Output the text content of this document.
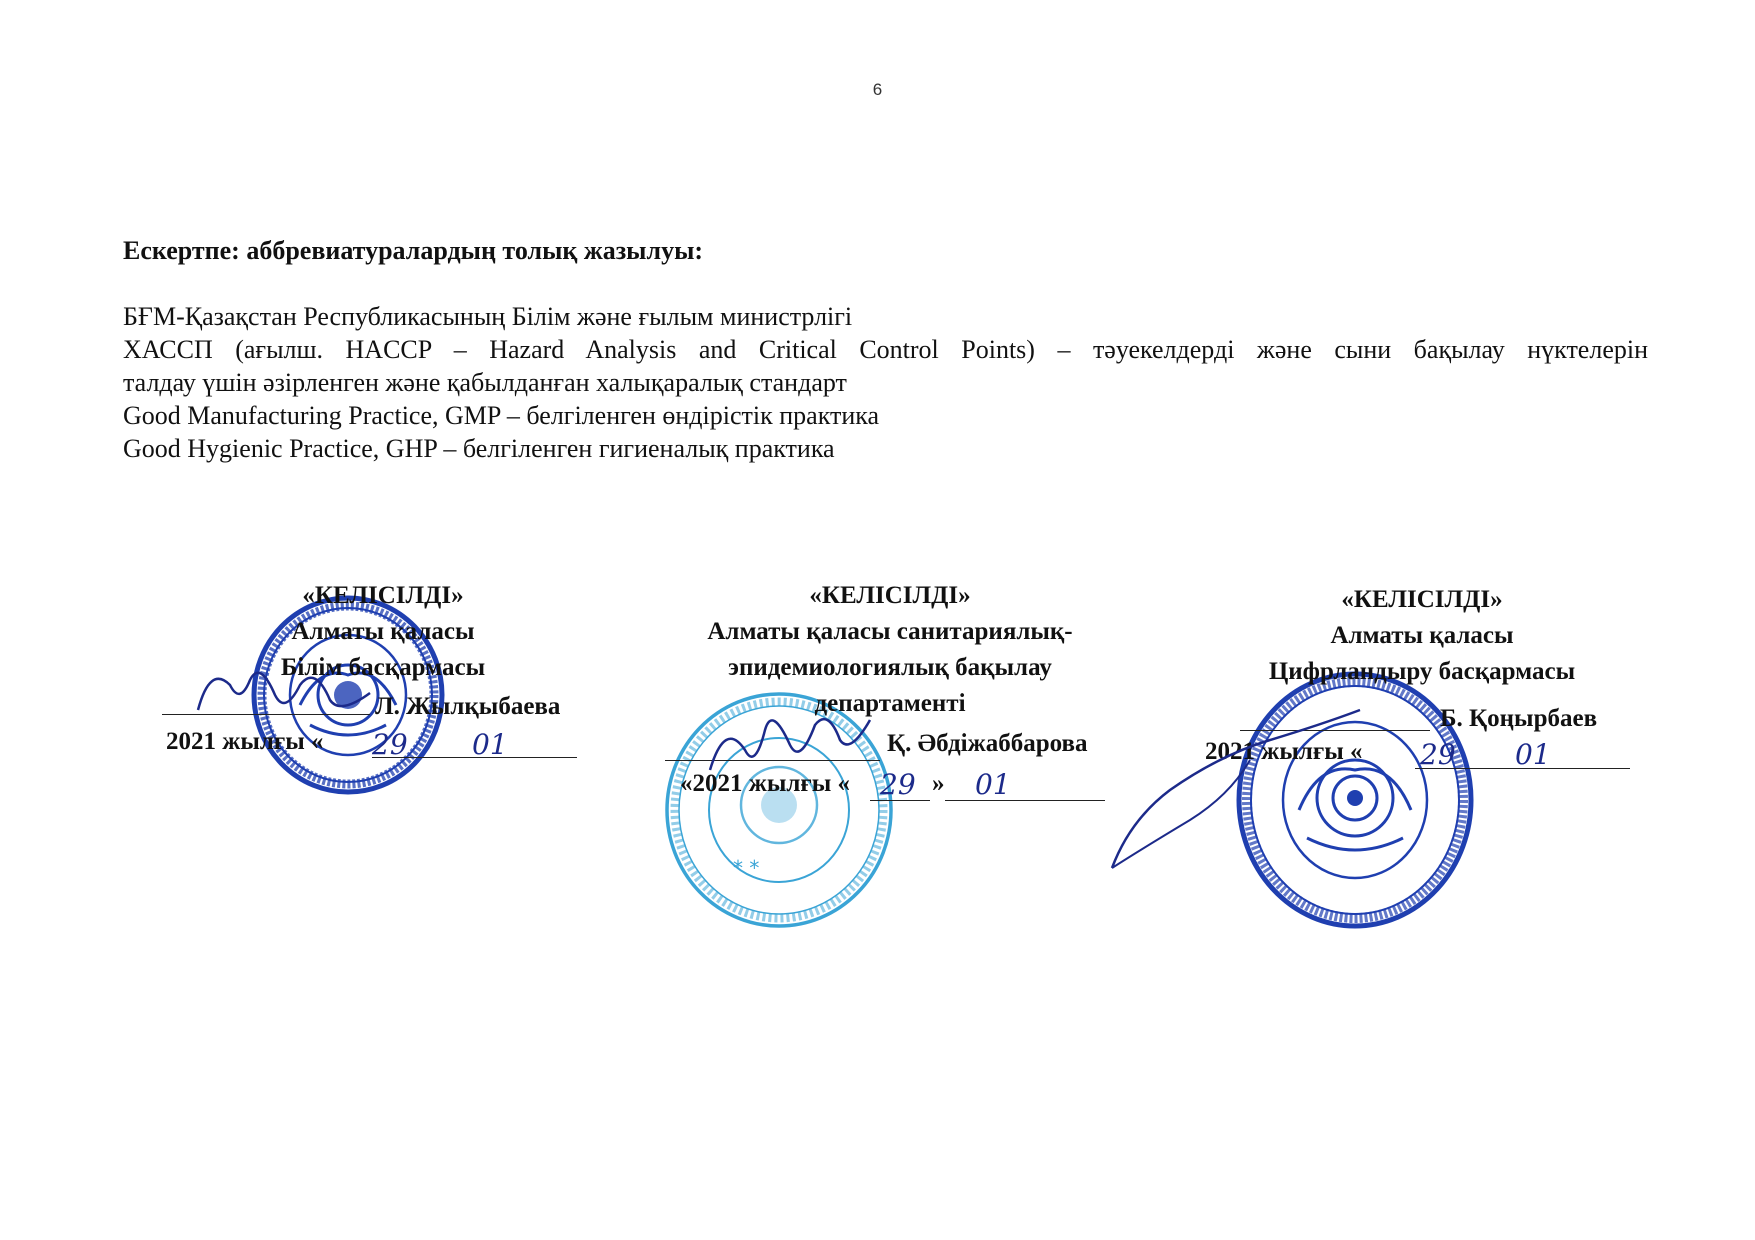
6
Ескертпе: аббревиатуралардың толық жазылуы:
БҒМ-Қазақстан Республикасының Білім және ғылым министрлігі
ХАССП (ағылш. HACCP – Hazard Analysis and Critical Control Points) – тәуекелдерді және сыни бақылау нүктелерін
талдау үшін әзірленген және қабылданған халықаралық стандарт
Good Manufacturing Practice, GMP – белгіленген өндірістік практика
Good Hygienic Practice, GHP – белгіленген гигиеналық практика
* *
«КЕЛІСІЛДІ»
Алматы қаласы
Білім басқармасы
Л. Жылқыбаева
2021 жылғы « 29 01
«КЕЛІСІЛДІ»
Алматы қаласы санитариялық-
эпидемиологиялық бақылау
департаменті
Қ. Әбдіжаббарова
«2021 жылғы « 29 » 01
«КЕЛІСІЛДІ»
Алматы қаласы
Цифрландыру басқармасы
Б. Қоңырбаев
2021 жылғы « 29 01
